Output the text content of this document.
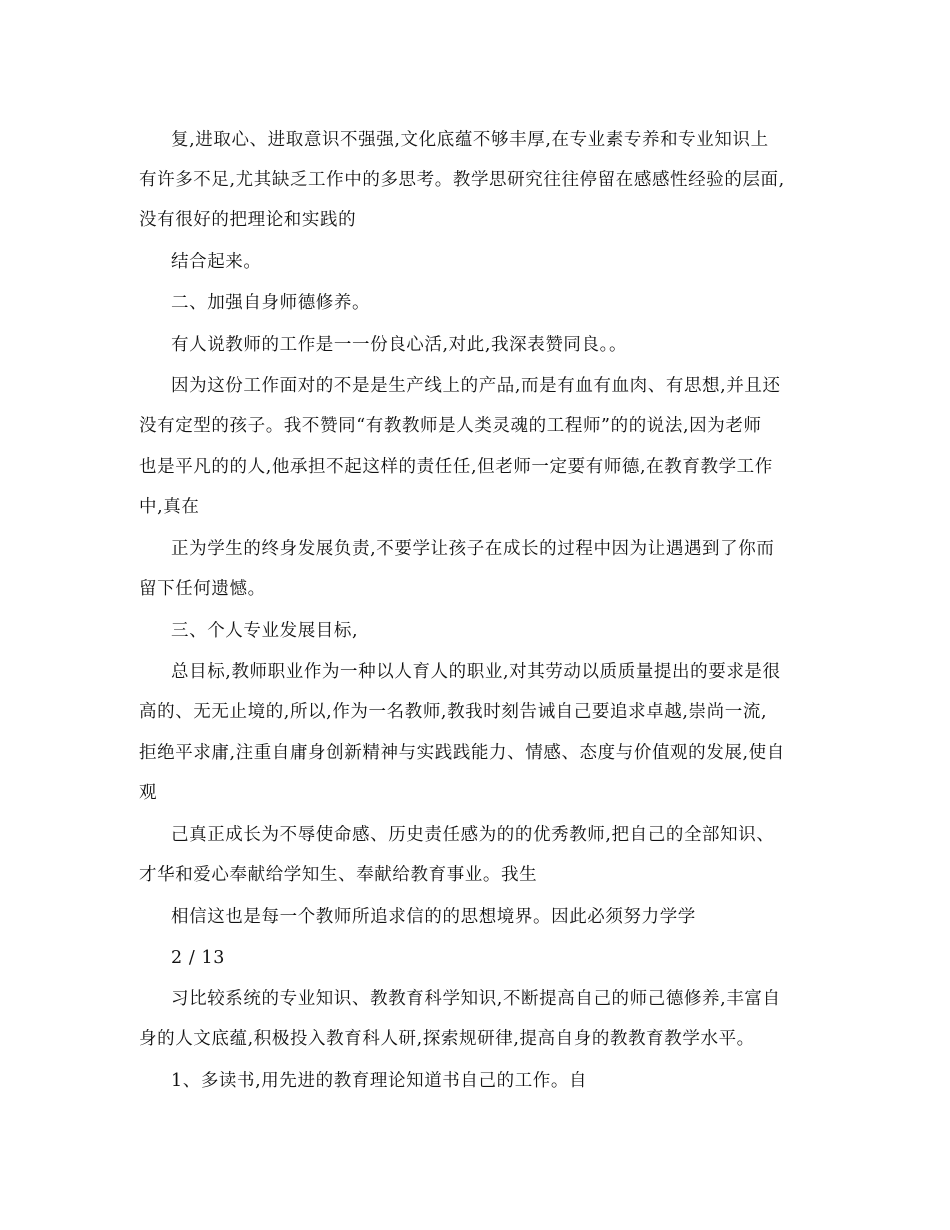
复,进取心、进取意识不强强,文化底蕴不够丰厚,在专业素专养和专业知识上
有许多不足,尤其缺乏工作中的多思考。教学思研究往往停留在感感性经验的层面,
没有很好的把理论和实践的
结合起来。
二、加强自身师德修养。
有人说教师的工作是一一份良心活,对此,我深表赞同良。。
因为这份工作面对的不是是生产线上的产品,而是有血有血肉、有思想,并且还
没有定型的孩子。我不赞同“有教教师是人类灵魂的工程师”的的说法,因为老师
也是平凡的的人,他承担不起这样的责任任,但老师一定要有师德,在教育教学工作
中,真在
正为学生的终身发展负责,不要学让孩子在成长的过程中因为让遇遇到了你而
留下任何遗憾。
三、个人专业发展目标,
总目标,教师职业作为一种以人育人的职业,对其劳动以质质量提出的要求是很
高的、无无止境的,所以,作为一名教师,教我时刻告诫自己要追求卓越,崇尚一流,
拒绝平求庸,注重自庸身创新精神与实践践能力、情感、态度与价值观的发展,使自
观
己真正成长为不辱使命感、历史责任感为的的优秀教师,把自己的全部知识、
才华和爱心奉献给学知生、奉献给教育事业。我生
相信这也是每一个教师所追求信的的思想境界。因此必须努力学学
2 / 13
习比较系统的专业知识、教教育科学知识,不断提高自己的师己德修养,丰富自
身的人文底蕴,积极投入教育科人研,探索规研律,提高自身的教教育教学水平。
1、多读书,用先进的教育理论知道书自己的工作。自
